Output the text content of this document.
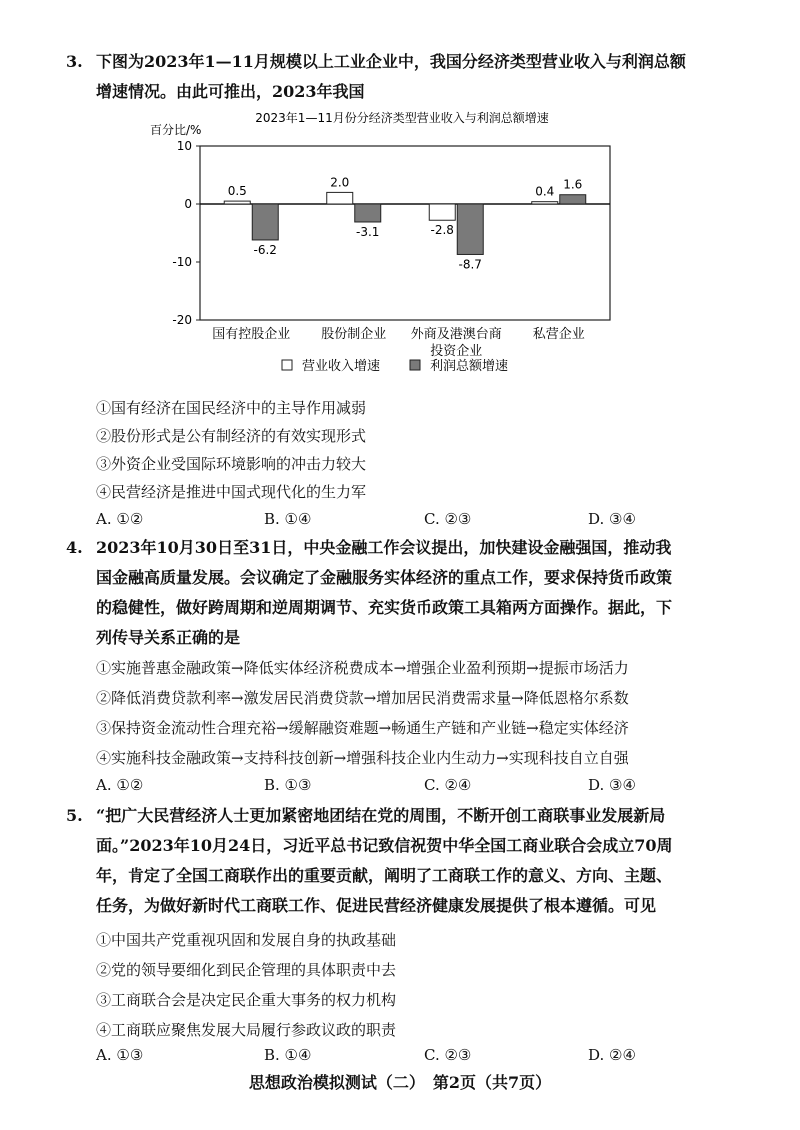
3. 下图为2023年1—11月规模以上工业企业中，我国分经济类型营业收入与利润总额
增速情况。由此可推出，2023年我国
2023年1—11月份分经济类型营业收入与利润总额增速
百分比/%
10
0
-10
-20
0.5
-6.2
国有控股企业
2.0
-3.1
股份制企业
-2.8
-8.7
外商及港澳台商
投资企业
0.4 1.6
私营企业
营业收入增速	利润总额增速
①国有经济在国民经济中的主导作用减弱
②股份形式是公有制经济的有效实现形式
③外资企业受国际环境影响的冲击力较大
④民营经济是推进中国式现代化的生力军
A. ①②	B. ①④	C. ②③	D. ③④
4. 2023年10月30日至31日，中央金融工作会议提出，加快建设金融强国，推动我
国金融高质量发展。会议确定了金融服务实体经济的重点工作，要求保持货币政策
的稳健性，做好跨周期和逆周期调节、充实货币政策工具箱两方面操作。据此，下
列传导关系正确的是
①实施普惠金融政策→降低实体经济税费成本→增强企业盈利预期→提振市场活力
②降低消费贷款利率→激发居民消费贷款→增加居民消费需求量→降低恩格尔系数
③保持资金流动性合理充裕→缓解融资难题→畅通生产链和产业链→稳定实体经济
④实施科技金融政策→支持科技创新→增强科技企业内生动力→实现科技自立自强
A. ①②	B. ①③	C. ②④	D. ③④
5. “把广大民营经济人士更加紧密地团结在党的周围，不断开创工商联事业发展新局
面。”2023年10月24日，习近平总书记致信祝贺中华全国工商业联合会成立70周
年，肯定了全国工商联作出的重要贡献，阐明了工商联工作的意义、方向、主题、
任务，为做好新时代工商联工作、促进民营经济健康发展提供了根本遵循。可见
①中国共产党重视巩固和发展自身的执政基础
②党的领导要细化到民企管理的具体职责中去
③工商联合会是决定民企重大事务的权力机构
④工商联应聚焦发展大局履行参政议政的职责
A. ①③	B. ①④	C. ②③	D. ②④
思想政治模拟测试（二）　第2页（共7页）
